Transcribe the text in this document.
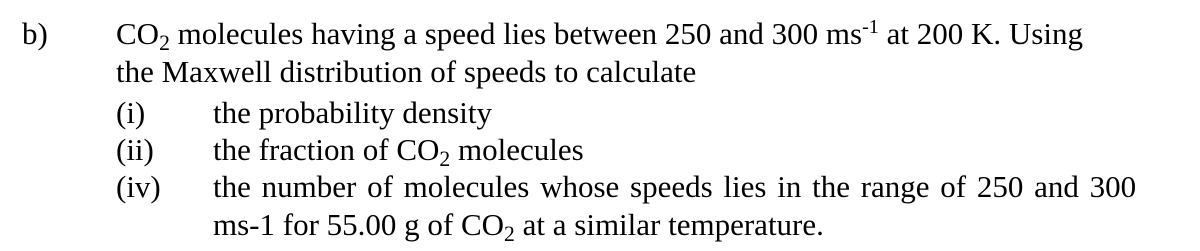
b) $CO_2$ molecules having a speed lies between 250 and 300 $ms^{-1}$ at 200 K. Using
the Maxwell distribution of speeds to calculate
(i) the probability density
(ii) the fraction of $CO_2$ molecules
(iv) the number of molecules whose speeds lies in the range of 250 and 300
ms-1 for 55.00 g of $CO_2$ at a similar temperature.
